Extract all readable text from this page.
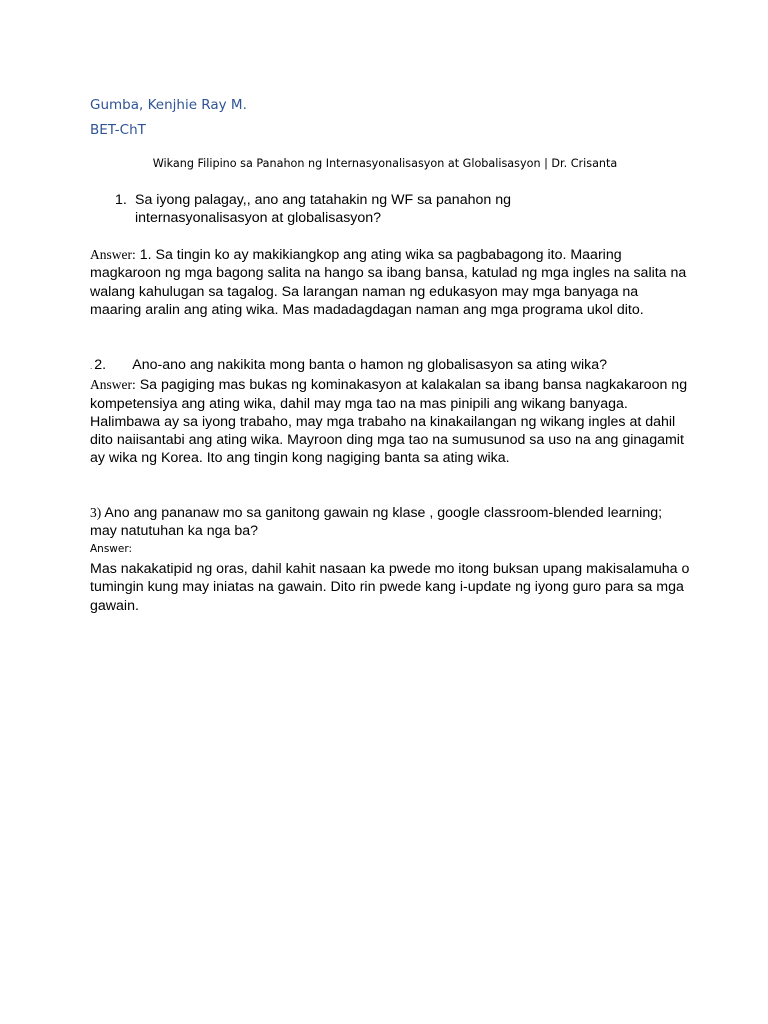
Gumba, Kenjhie Ray M.
BET-ChT
Wikang Filipino sa Panahon ng Internasyonalisasyon at Globalisasyon | Dr. Crisanta
1. Sa iyong palagay,, ano ang tatahakin ng WF sa panahon ng internasyonalisasyon at globalisasyon?
Answer: 1. Sa tingin ko ay makikiangkop ang ating wika sa pagbabagong ito. Maaring magkaroon ng mga bagong salita na hango sa ibang bansa, katulad ng mga ingles na salita na walang kahulugan sa tagalog. Sa larangan naman ng edukasyon may mga banyaga na maaring aralin ang ating wika. Mas madadagdagan naman ang mga programa ukol dito.
. 2. Ano-ano ang nakikita mong banta o hamon ng globalisasyon sa ating wika?
Answer: Sa pagiging mas bukas ng kominakasyon at kalakalan sa ibang bansa nagkakaroon ng kompetensiya ang ating wika, dahil may mga tao na mas pinipili ang wikang banyaga. Halimbawa ay sa iyong trabaho, may mga trabaho na kinakailangan ng wikang ingles at dahil dito naiisantabi ang ating wika. Mayroon ding mga tao na sumusunod sa uso na ang ginagamit ay wika ng Korea. Ito ang tingin kong nagiging banta sa ating wika.
3) Ano ang pananaw mo sa ganitong gawain ng klase , google classroom-blended learning; may natutuhan ka nga ba?
Answer:
Mas nakakatipid ng oras, dahil kahit nasaan ka pwede mo itong buksan upang makisalamuha o tumingin kung may iniatas na gawain. Dito rin pwede kang i-update ng iyong guro para sa mga gawain.
